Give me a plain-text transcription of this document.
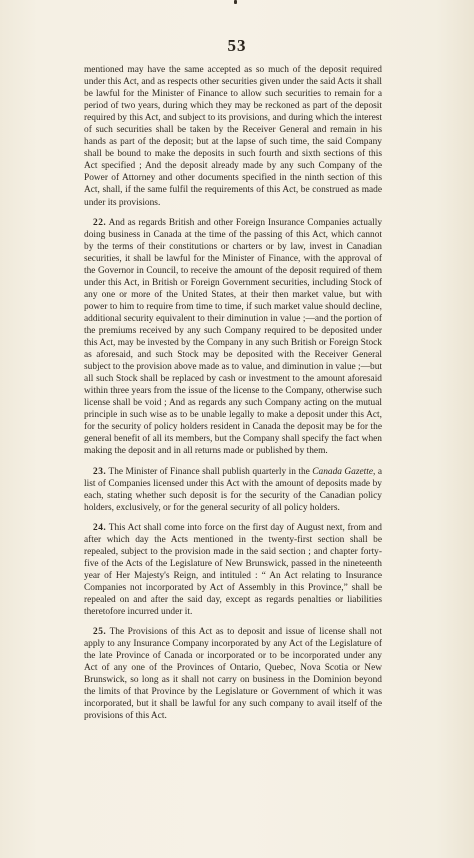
53

mentioned may have the same accepted as so much of the deposit required under this Act, and as respects other securities given under the said Acts it shall be lawful for the Minister of Finance to allow such securities to remain for a period of two years, during which they may be reckoned as part of the deposit required by this Act, and subject to its provisions, and during which the interest of such securities shall be taken by the Receiver General and remain in his hands as part of the deposit; but at the lapse of such time, the said Company shall be bound to make the deposits in such fourth and sixth sections of this Act specified ; And the deposit already made by any such Company of the Power of Attorney and other documents specified in the ninth section of this Act, shall, if the same fulfil the requirements of this Act, be construed as made under its provisions.

22. And as regards British and other Foreign Insurance Companies actually doing business in Canada at the time of the passing of this Act, which cannot by the terms of their constitutions or charters or by law, invest in Canadian securities, it shall be lawful for the Minister of Finance, with the approval of the Governor in Council, to receive the amount of the deposit required of them under this Act, in British or Foreign Government securities, including Stock of any one or more of the United States, at their then market value, but with power to him to require from time to time, if such market value should decline, additional security equivalent to their diminution in value ;—and the portion of the premiums received by any such Company required to be deposited under this Act, may be invested by the Company in any such British or Foreign Stock as aforesaid, and such Stock may be deposited with the Receiver General subject to the provision above made as to value, and diminution in value ;—but all such Stock shall be replaced by cash or investment to the amount aforesaid within three years from the issue of the license to the Company, otherwise such license shall be void ; And as regards any such Company acting on the mutual principle in such wise as to be unable legally to make a deposit under this Act, for the security of policy holders resident in Canada the deposit may be for the general benefit of all its members, but the Company shall specify the fact when making the deposit and in all returns made or published by them.

23. The Minister of Finance shall publish quarterly in the Canada Gazette, a list of Companies licensed under this Act with the amount of deposits made by each, stating whether such deposit is for the security of the Canadian policy holders, exclusively, or for the general security of all policy holders.

24. This Act shall come into force on the first day of August next, from and after which day the Acts mentioned in the twenty-first section shall be repealed, subject to the provision made in the said section ; and chapter forty-five of the Acts of the Legislature of New Brunswick, passed in the nineteenth year of Her Majesty's Reign, and intituled : “ An Act relating to Insurance Companies not incorporated by Act of Assembly in this Province,” shall be repealed on and after the said day, except as regards penalties or liabilities theretofore incurred under it.

25. The Provisions of this Act as to deposit and issue of license shall not apply to any Insurance Company incorporated by any Act of the Legislature of the late Province of Canada or incorporated or to be incorporated under any Act of any one of the Provinces of Ontario, Quebec, Nova Scotia or New Brunswick, so long as it shall not carry on business in the Dominion beyond the limits of that Province by the Legislature or Government of which it was incorporated, but it shall be lawful for any such company to avail itself of the provisions of this Act.
